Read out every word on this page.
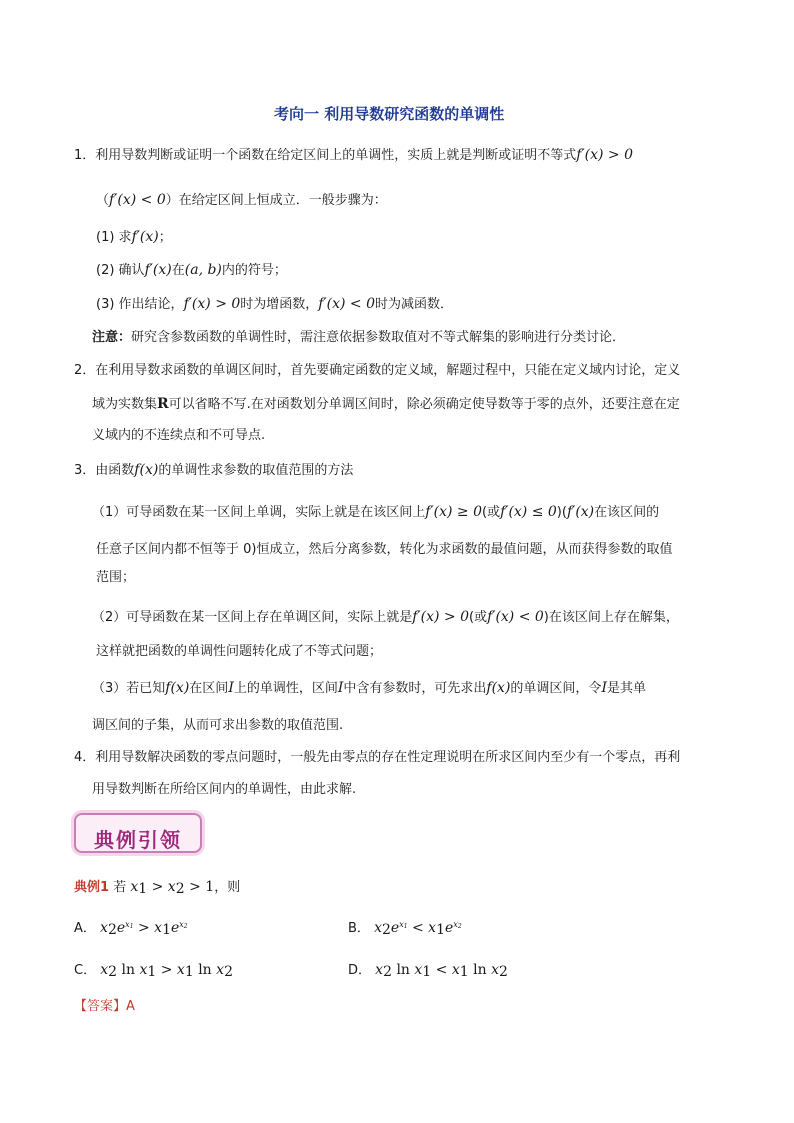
考向一 利用导数研究函数的单调性
1．利用导数判断或证明一个函数在给定区间上的单调性，实质上就是判断或证明不等式f′(x) > 0
（f′(x) < 0）在给定区间上恒成立．一般步骤为：
(1) 求f′(x)；
(2) 确认f′(x)在(a, b)内的符号；
(3) 作出结论，f′(x) > 0时为增函数，f′(x) < 0时为减函数．
注意：研究含参数函数的单调性时，需注意依据参数取值对不等式解集的影响进行分类讨论．
2．在利用导数求函数的单调区间时，首先要确定函数的定义域，解题过程中，只能在定义域内讨论，定义
域为实数集R可以省略不写.在对函数划分单调区间时，除必须确定使导数等于零的点外，还要注意在定
义域内的不连续点和不可导点.
3．由函数f(x)的单调性求参数的取值范围的方法
（1）可导函数在某一区间上单调，实际上就是在该区间上f′(x) ≥ 0(或f′(x) ≤ 0)(f′(x)在该区间的
任意子区间内都不恒等于 0)恒成立，然后分离参数，转化为求函数的最值问题，从而获得参数的取值
范围；
（2）可导函数在某一区间上存在单调区间，实际上就是f′(x) > 0(或f′(x) < 0)在该区间上存在解集，
这样就把函数的单调性问题转化成了不等式问题；
（3）若已知f(x)在区间I上的单调性，区间I中含有参数时，可先求出f(x)的单调区间，令I是其单
调区间的子集，从而可求出参数的取值范围.
4．利用导数解决函数的零点问题时，一般先由零点的存在性定理说明在所求区间内至少有一个零点，再利
用导数判断在所给区间内的单调性，由此求解.
典例引领
典例1 若 $x_1 > x_2 > 1$，则
A． $x_2e^{x1} > x_1e^{x2}$	B． $x_2e^{x1} < x_1e^{x2}$
C． $x_2$ $\ln x_1 > x_1$ $\ln x_2$	D． $x_2$ $\ln x_1 < x_1$ $\ln x_2$
【答案】A
